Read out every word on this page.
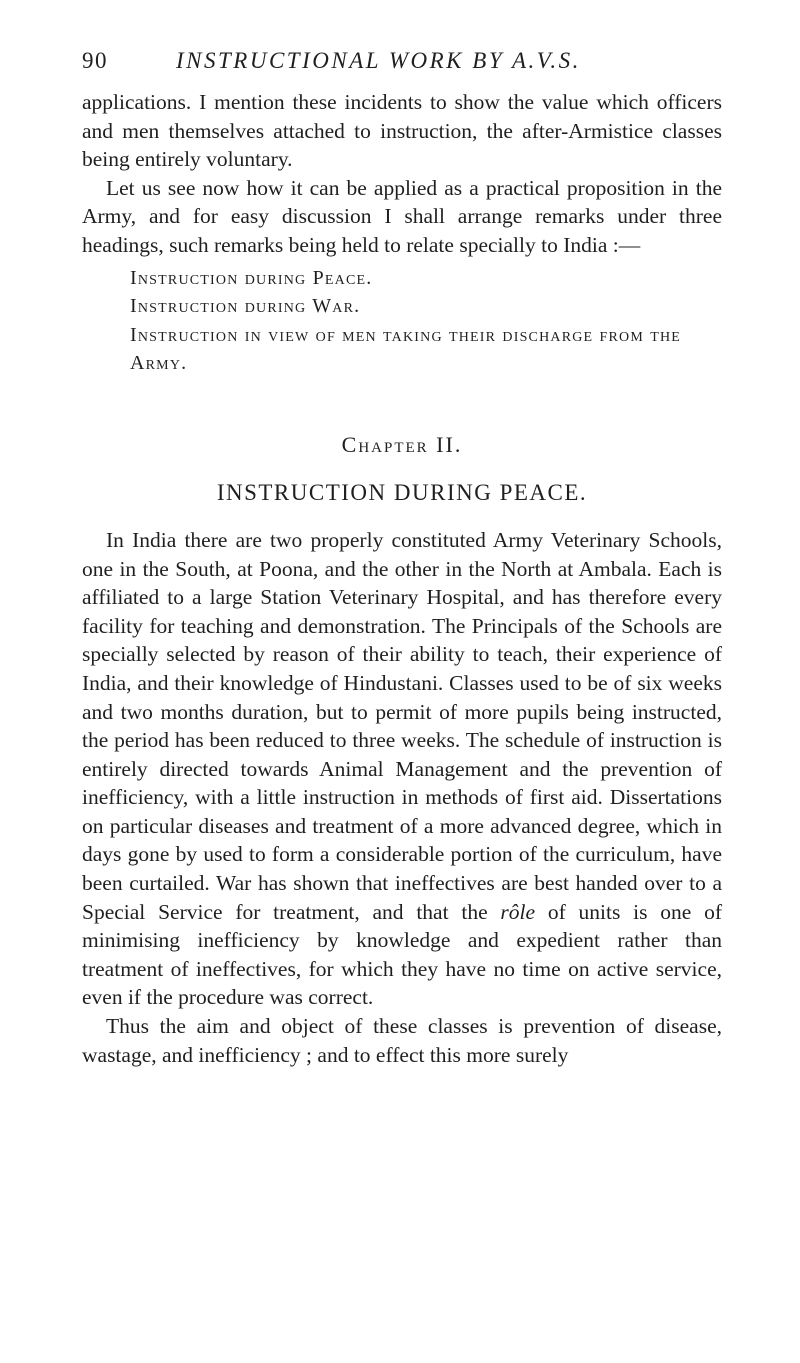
90	INSTRUCTIONAL WORK BY A.V.S.

applications. I mention these incidents to show the value which officers and men themselves attached to instruction, the after-Armistice classes being entirely voluntary.

Let us see now how it can be applied as a practical proposition in the Army, and for easy discussion I shall arrange remarks under three headings, such remarks being held to relate specially to India :—

Instruction during Peace.
Instruction during War.
Instruction in view of men taking their discharge from the Army.
Chapter II.
INSTRUCTION DURING PEACE.

In India there are two properly constituted Army Veterinary Schools, one in the South, at Poona, and the other in the North at Ambala. Each is affiliated to a large Station Veterinary Hospital, and has therefore every facility for teaching and demonstration. The Principals of the Schools are specially selected by reason of their ability to teach, their experience of India, and their knowledge of Hindustani. Classes used to be of six weeks and two months duration, but to permit of more pupils being instructed, the period has been reduced to three weeks. The schedule of instruction is entirely directed towards Animal Management and the prevention of inefficiency, with a little instruction in methods of first aid. Dissertations on particular diseases and treatment of a more advanced degree, which in days gone by used to form a considerable portion of the curriculum, have been curtailed. War has shown that ineffectives are best handed over to a Special Service for treatment, and that the rôle of units is one of minimising inefficiency by knowledge and expedient rather than treatment of ineffectives, for which they have no time on active service, even if the procedure was correct.

Thus the aim and object of these classes is prevention of disease, wastage, and inefficiency ; and to effect this more surely
